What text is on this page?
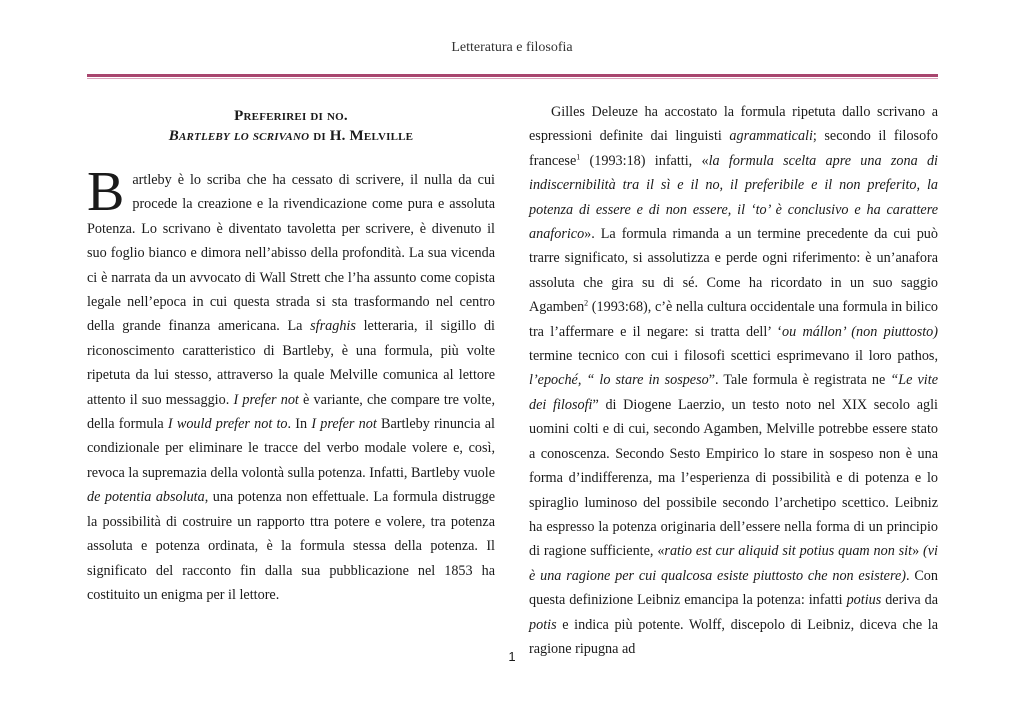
Letteratura e filosofia
Preferirei di no.
Bartleby lo scrivano di H. Melville

Bartleby è lo scriba che ha cessato di scrivere, il nulla da cui procede la creazione e la rivendicazione come pura e assoluta Potenza. Lo scrivano è diventato tavoletta per scrivere, è divenuto il suo foglio bianco e dimora nell’abisso della profondità. La sua vicenda ci è narrata da un avvocato di Wall Strett che l’ha assunto come copista legale nell’epoca in cui questa strada si sta trasformando nel centro della grande finanza americana. La sfraghis letteraria, il sigillo di riconoscimento caratteristico di Bartleby, è una formula, più volte ripetuta da lui stesso, attraverso la quale Melville comunica al lettore attento il suo messaggio. I prefer not è variante, che compare tre volte, della formula I would prefer not to. In I prefer not Bartleby rinuncia al condizionale per eliminare le tracce del verbo modale volere e, così, revoca la supremazia della volontà sulla potenza. Infatti, Bartleby vuole de potentia absoluta, una potenza non effettuale. La formula distrugge la possibilità di costruire un rapporto ttra potere e volere, tra potenza assoluta e potenza ordinata, è la formula stessa della potenza. Il significato del racconto fin dalla sua pubblicazione nel 1853 ha costituito un enigma per il lettore.

Gilles Deleuze ha accostato la formula ripetuta dallo scrivano a espressioni definite dai linguisti agrammaticali; secondo il filosofo francese$^1$ (1993:18) infatti, «la formula scelta apre una zona di indiscernibilità tra il sì e il no, il preferibile e il non preferito, la potenza di essere e di non essere, il ‘to’ è conclusivo e ha carattere anaforico». La formula rimanda a un termine precedente da cui può trarre significato, si assolutizza e perde ogni riferimento: è un’anafora assoluta che gira su di sé. Come ha ricordato in un suo saggio Agamben$^2$ (1993:68), c’è nella cultura occidentale una formula in bilico tra l’affermare e il negare: si tratta dell’ ‘ou mállon’ (non piuttosto) termine tecnico con cui i filosofi scettici esprimevano il loro pathos, l’epoché, “ lo stare in sospeso”. Tale formula è registrata ne “Le vite dei filosofi” di Diogene Laerzio, un testo noto nel XIX secolo agli uomini colti e di cui, secondo Agamben, Melville potrebbe essere stato a conoscenza. Secondo Sesto Empirico lo stare in sospeso non è una forma d’indifferenza, ma l’esperienza di possibilità e di potenza e lo spiraglio luminoso del possibile secondo l’archetipo scettico. Leibniz ha espresso la potenza originaria dell’essere nella forma di un principio di ragione sufficiente, «ratio est cur aliquid sit potius quam non sit» (vi è una ragione per cui qualcosa esiste piuttosto che non esistere). Con questa definizione Leibniz emancipa la potenza: infatti potius deriva da potis e indica più potente. Wolff, discepolo di Leibniz, diceva che la ragione ripugna ad

1
